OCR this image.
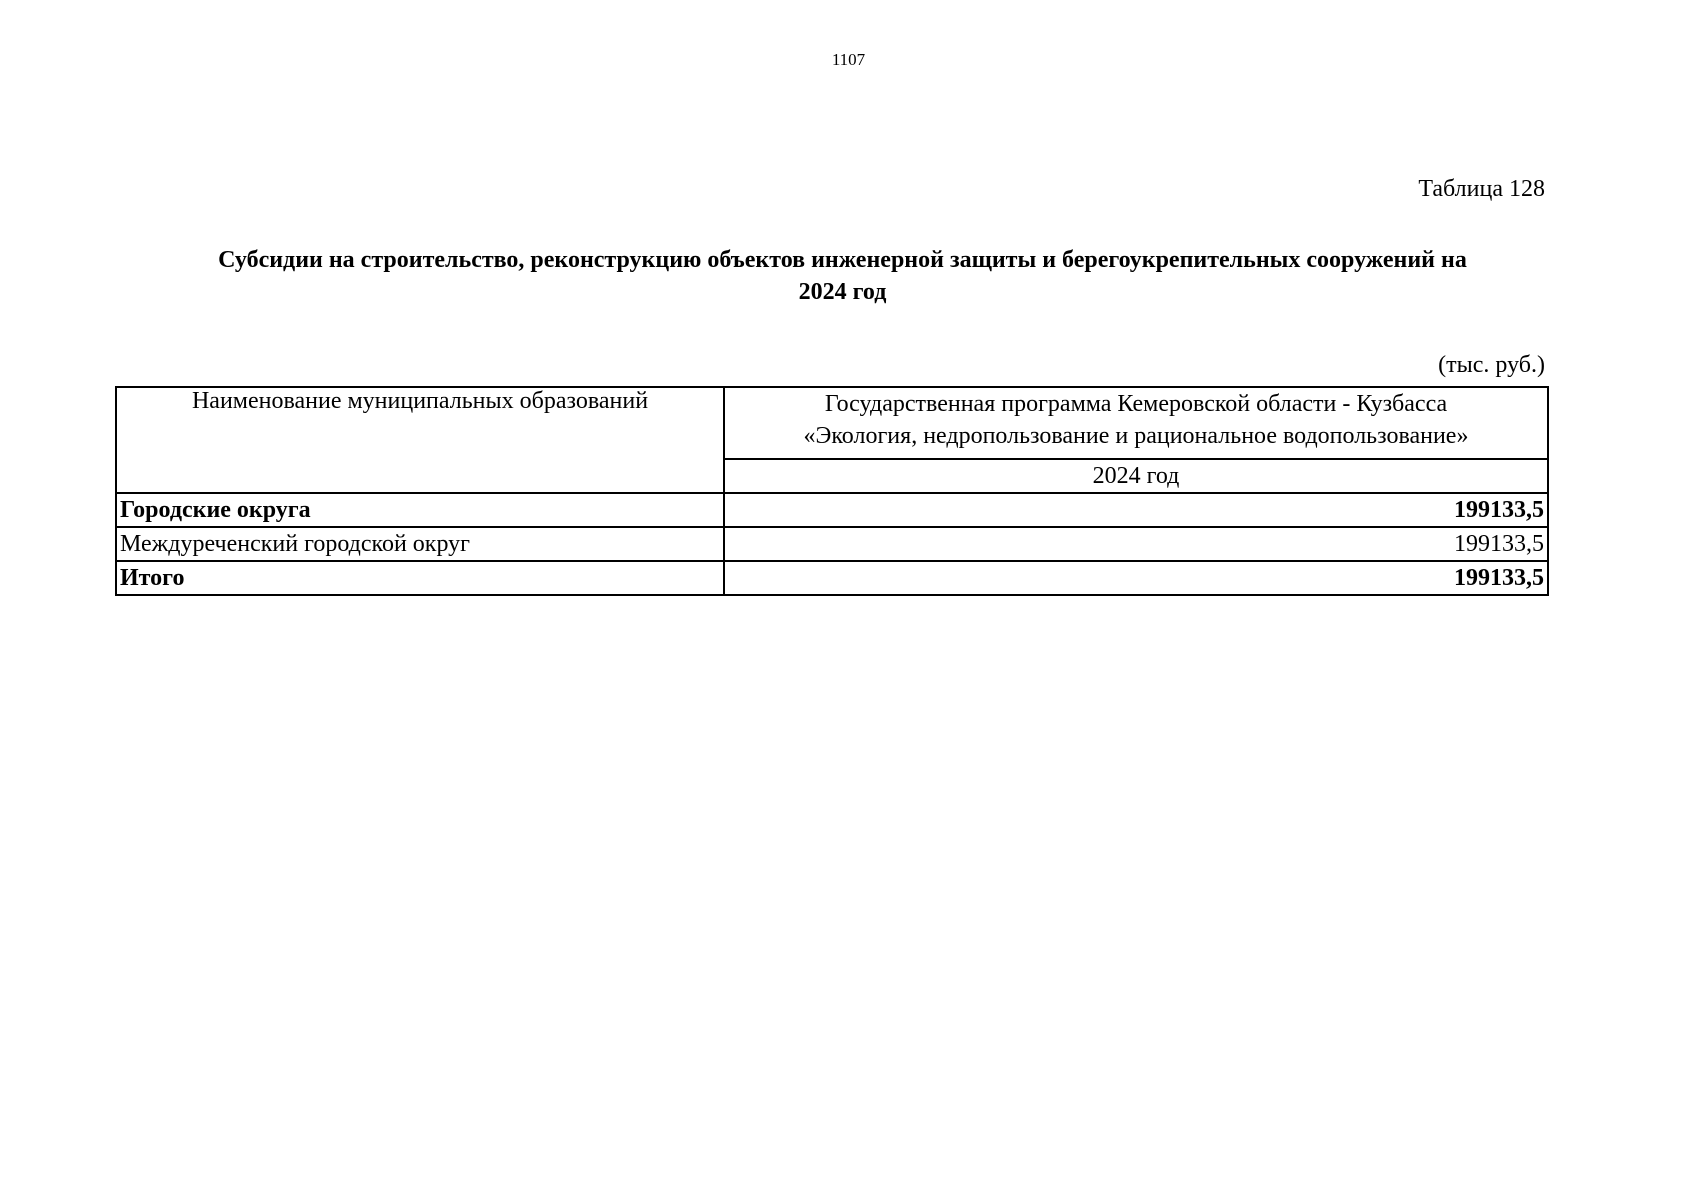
1107
Таблица 128
Субсидии на строительство, реконструкцию объектов инженерной защиты и берегоукрепительных сооружений на
2024 год
(тыс. руб.)
Наименование муниципальных образований	Государственная программа Кемеровской области - Кузбасса
«Экология, недропользование и рациональное водопользование»

	2024 год
Городские округа	199133,5
Междуреченский городской округ	199133,5
Итого	199133,5
